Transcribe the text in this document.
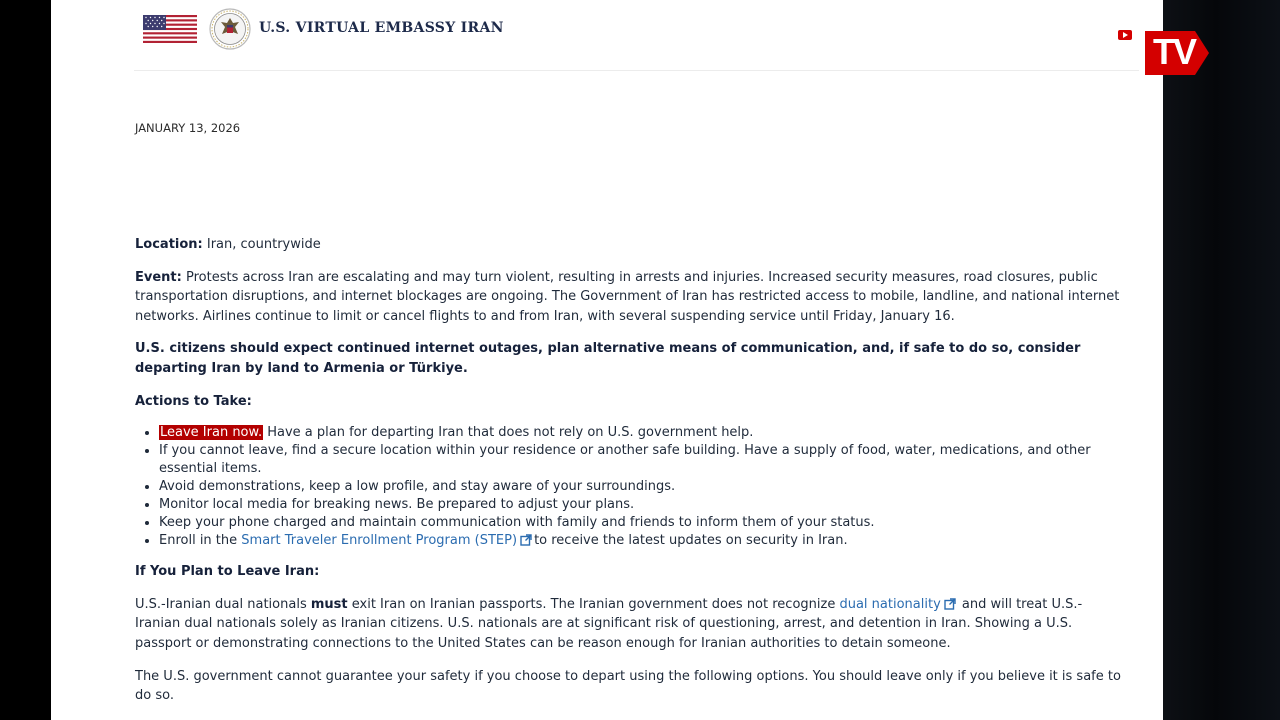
U.S. VIRTUAL EMBASSY IRAN
JANUARY 13, 2026

Location: Iran, countrywide

Event: Protests across Iran are escalating and may turn violent, resulting in arrests and injuries. Increased security measures, road closures, public transportation disruptions, and internet blockages are ongoing. The Government of Iran has restricted access to mobile, landline, and national internet networks. Airlines continue to limit or cancel flights to and from Iran, with several suspending service until Friday, January 16.

U.S. citizens should expect continued internet outages, plan alternative means of communication, and, if safe to do so, consider departing Iran by land to Armenia or Türkiye.

Actions to Take:

• Leave Iran now. Have a plan for departing Iran that does not rely on U.S. government help.
• If you cannot leave, find a secure location within your residence or another safe building. Have a supply of food, water, medications, and other essential items.
• Avoid demonstrations, keep a low profile, and stay aware of your surroundings.
• Monitor local media for breaking news. Be prepared to adjust your plans.
• Keep your phone charged and maintain communication with family and friends to inform them of your status.
• Enroll in the Smart Traveler Enrollment Program (STEP) to receive the latest updates on security in Iran.

If You Plan to Leave Iran:

U.S.-Iranian dual nationals must exit Iran on Iranian passports. The Iranian government does not recognize dual nationality and will treat U.S.-Iranian dual nationals solely as Iranian citizens. U.S. nationals are at significant risk of questioning, arrest, and detention in Iran. Showing a U.S. passport or demonstrating connections to the United States can be reason enough for Iranian authorities to detain someone.

The U.S. government cannot guarantee your safety if you choose to depart using the following options. You should leave only if you believe it is safe to do so.

TV
